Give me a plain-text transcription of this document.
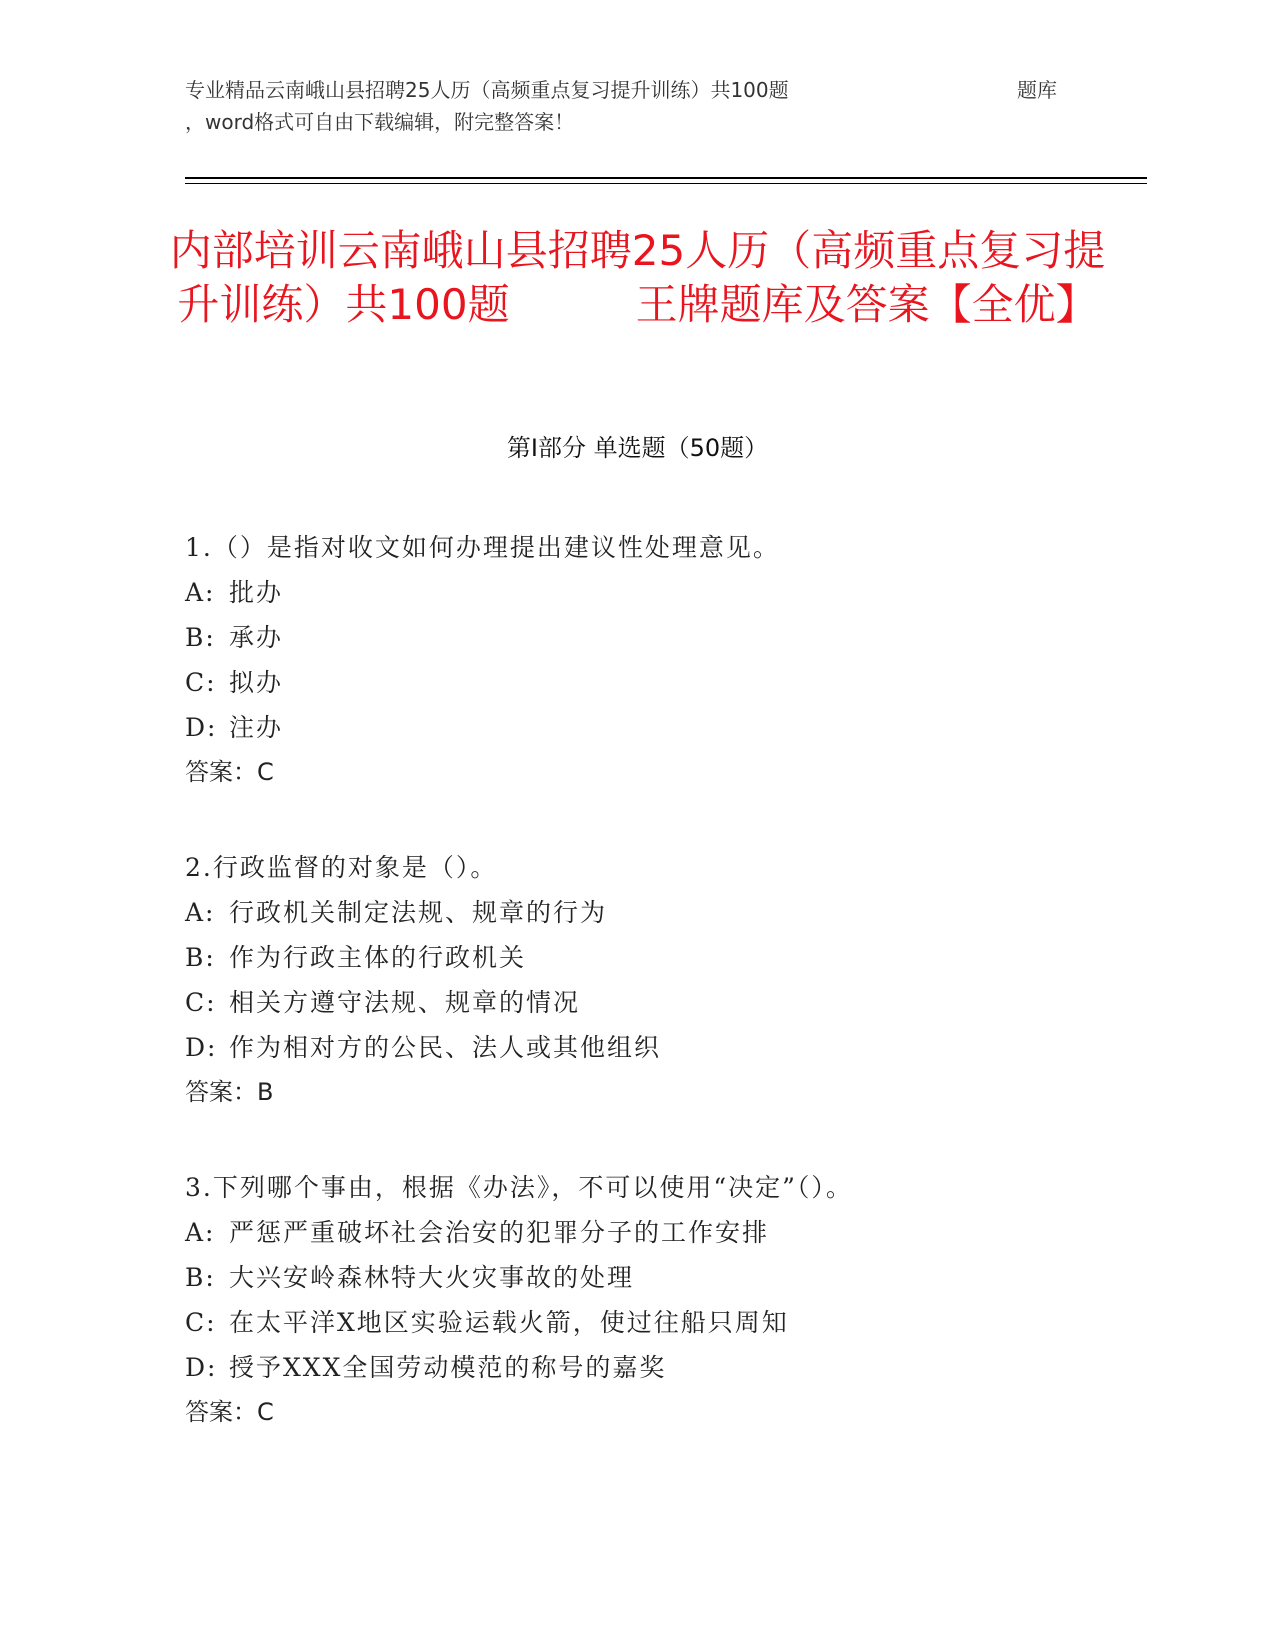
专业精品云南峨山县招聘25人历（高频重点复习提升训练）共100题	题库
，word格式可自由下载编辑，附完整答案！
内部培训云南峨山县招聘25人历（高频重点复习提升训练）共100题　　　王牌题库及答案【全优】
第Ⅰ部分 单选题（50题）
1.（）是指对收文如何办理提出建议性处理意见。
A: 批办
B: 承办
C: 拟办
D: 注办
答案：C
2.行政监督的对象是（）。
A: 行政机关制定法规、规章的行为
B: 作为行政主体的行政机关
C: 相关方遵守法规、规章的情况
D: 作为相对方的公民、法人或其他组织
答案：B
3.下列哪个事由，根据《办法》，不可以使用“决定”（）。
A: 严惩严重破坏社会治安的犯罪分子的工作安排
B: 大兴安岭森林特大火灾事故的处理
C: 在太平洋X地区实验运载火箭，使过往船只周知
D: 授予XXX全国劳动模范的称号的嘉奖
答案：C
